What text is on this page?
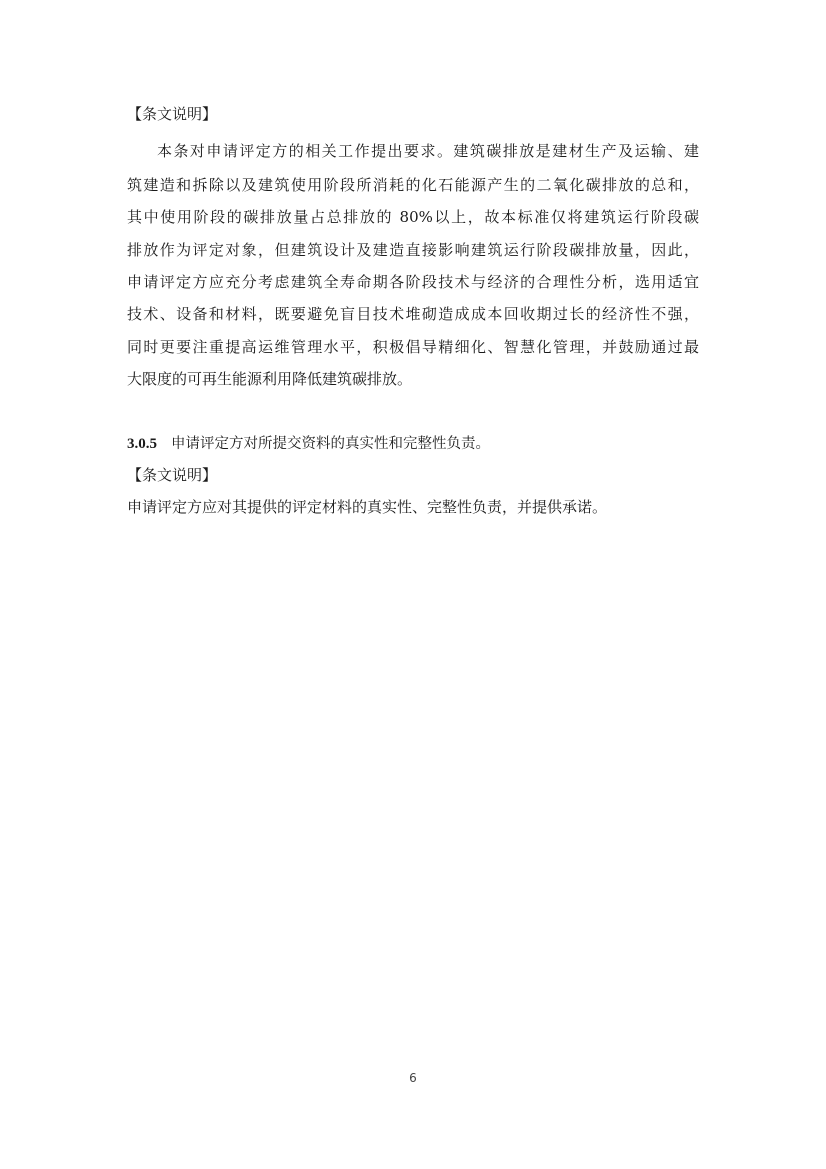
【条文说明】
本条对申请评定方的相关工作提出要求。建筑碳排放是建材生产及运输、建
筑建造和拆除以及建筑使用阶段所消耗的化石能源产生的二氧化碳排放的总和，
其中使用阶段的碳排放量占总排放的 80%以上，故本标准仅将建筑运行阶段碳
排放作为评定对象，但建筑设计及建造直接影响建筑运行阶段碳排放量，因此，
申请评定方应充分考虑建筑全寿命期各阶段技术与经济的合理性分析，选用适宜
技术、设备和材料，既要避免盲目技术堆砌造成成本回收期过长的经济性不强，
同时更要注重提高运维管理水平，积极倡导精细化、智慧化管理，并鼓励通过最
大限度的可再生能源利用降低建筑碳排放。
3.0.5 申请评定方对所提交资料的真实性和完整性负责。
【条文说明】
申请评定方应对其提供的评定材料的真实性、完整性负责，并提供承诺。
6
